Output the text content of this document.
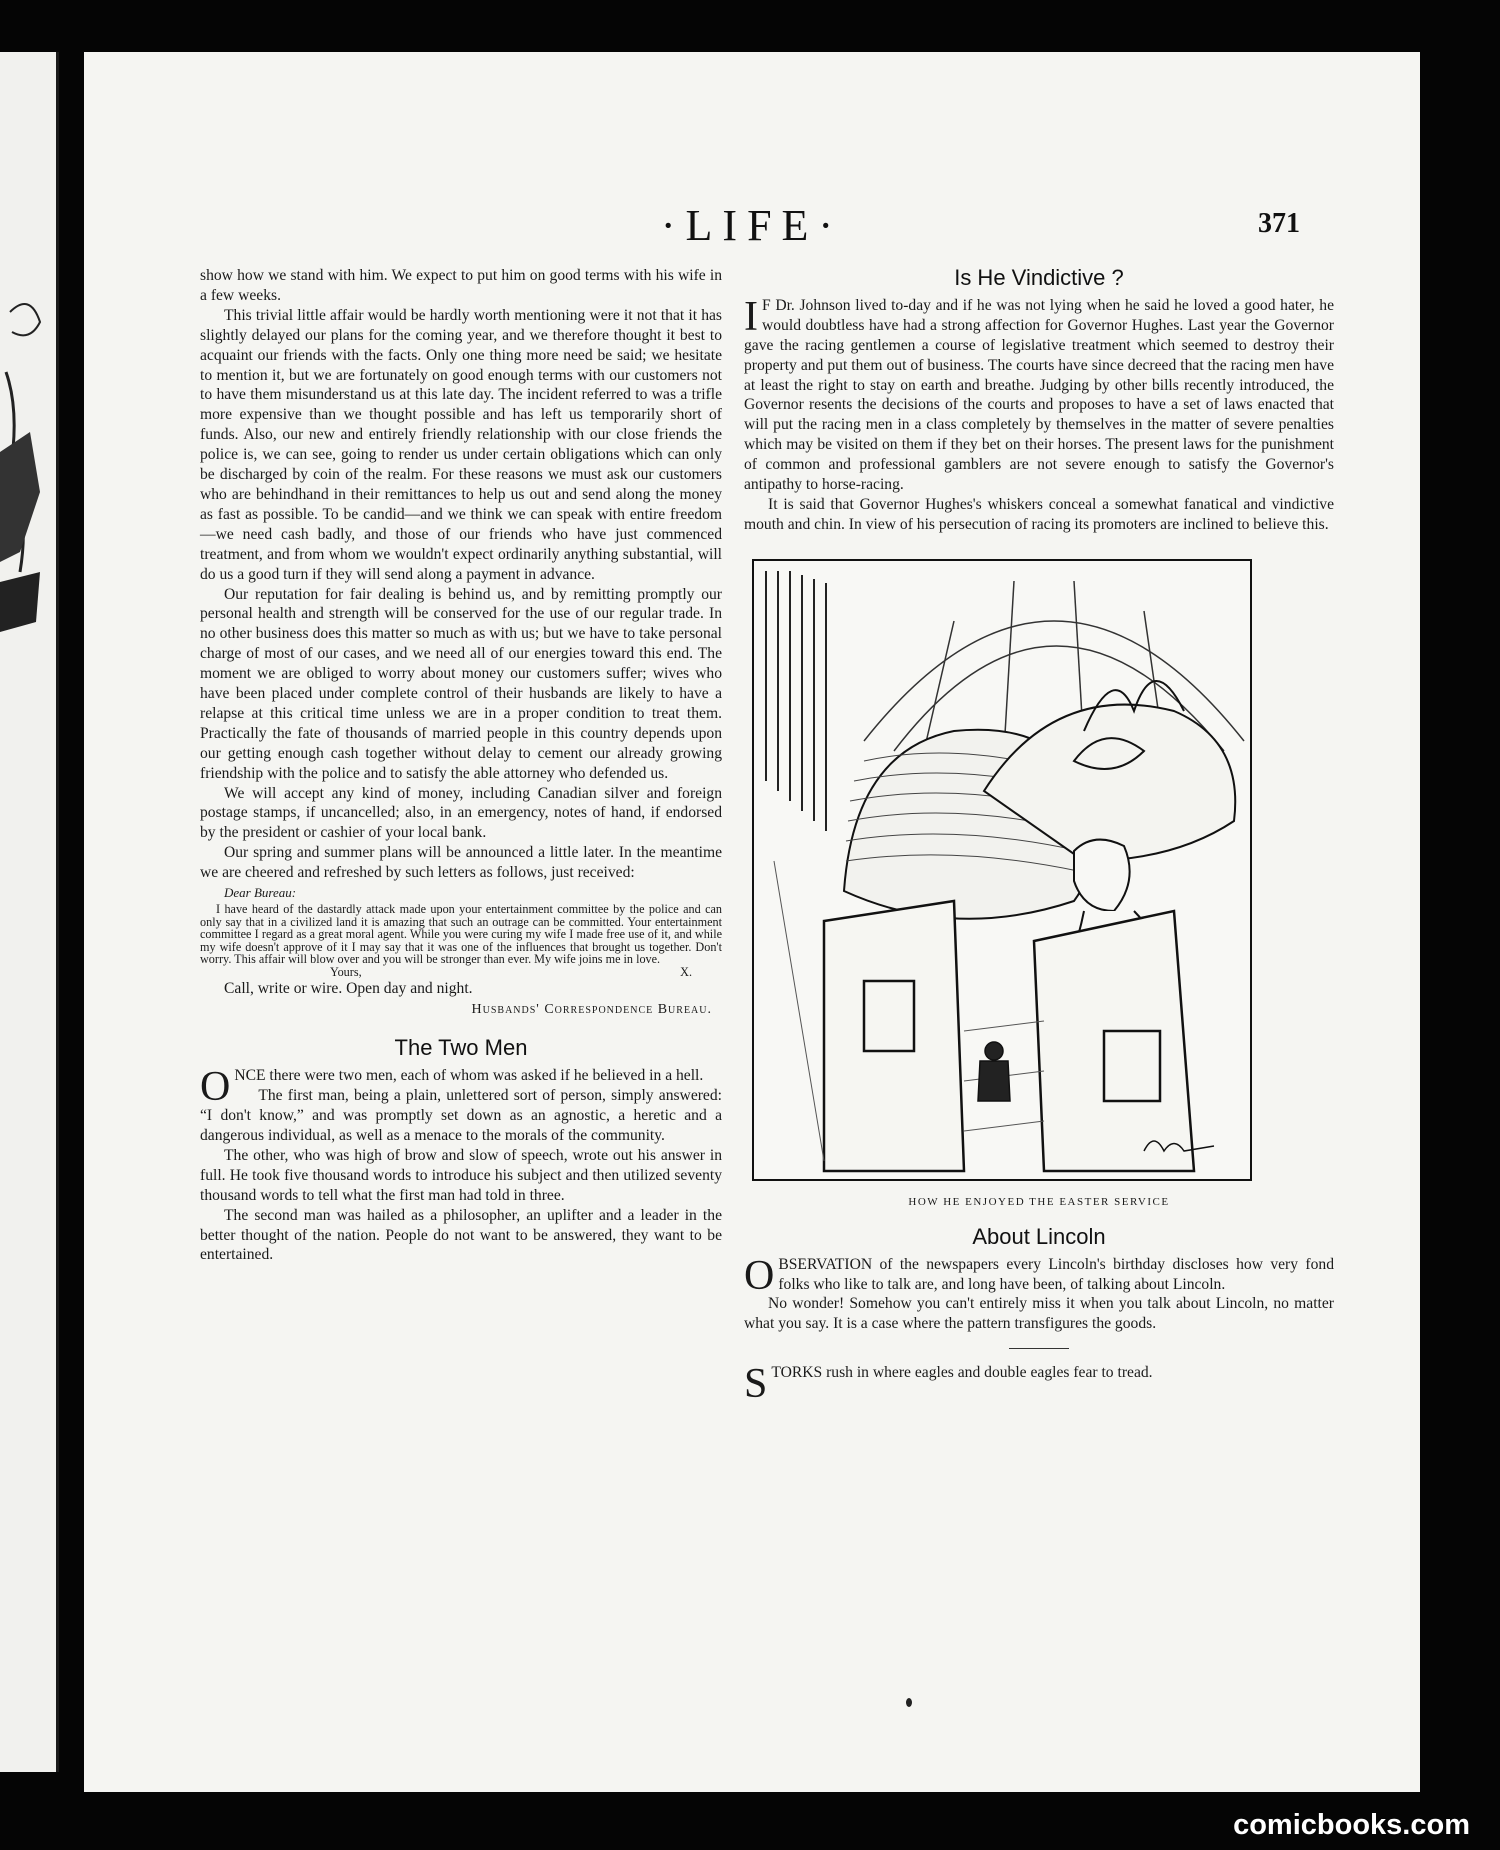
·LIFE·	371

show how we stand with him. We expect to put him on good terms with his wife in a few weeks.

This trivial little affair would be hardly worth mentioning were it not that it has slightly delayed our plans for the coming year, and we therefore thought it best to acquaint our friends with the facts. Only one thing more need be said; we hesitate to mention it, but we are fortunately on good enough terms with our customers not to have them misunderstand us at this late day. The incident referred to was a trifle more expensive than we thought possible and has left us temporarily short of funds. Also, our new and entirely friendly relationship with our close friends the police is, we can see, going to render us under certain obligations which can only be discharged by coin of the realm. For these reasons we must ask our customers who are behindhand in their remittances to help us out and send along the money as fast as possible. To be candid—and we think we can speak with entire freedom—we need cash badly, and those of our friends who have just commenced treatment, and from whom we wouldn't expect ordinarily anything substantial, will do us a good turn if they will send along a payment in advance.

Our reputation for fair dealing is behind us, and by remitting promptly our personal health and strength will be conserved for the use of our regular trade. In no other business does this matter so much as with us; but we have to take personal charge of most of our cases, and we need all of our energies toward this end. The moment we are obliged to worry about money our customers suffer; wives who have been placed under complete control of their husbands are likely to have a relapse at this critical time unless we are in a proper condition to treat them. Practically the fate of thousands of married people in this country depends upon our getting enough cash together without delay to cement our already growing friendship with the police and to satisfy the able attorney who defended us.

We will accept any kind of money, including Canadian silver and foreign postage stamps, if uncancelled; also, in an emergency, notes of hand, if endorsed by the president or cashier of your local bank.

Our spring and summer plans will be announced a little later. In the meantime we are cheered and refreshed by such letters as follows, just received:

Dear Bureau:

I have heard of the dastardly attack made upon your entertainment committee by the police and can only say that in a civilized land it is amazing that such an outrage can be committed. Your entertainment committee I regard as a great moral agent. While you were curing my wife I made free use of it, and while my wife doesn't approve of it I may say that it was one of the influences that brought us together. Don't worry. This affair will blow over and you will be stronger than ever. My wife joins me in love.

Yours,	X.

Call, write or wire. Open day and night.

Husbands' Correspondence Bureau.

The Two Men

ONCE there were two men, each of whom was asked if he believed in a hell.

The first man, being a plain, unlettered sort of person, simply answered: “I don't know,” and was promptly set down as an agnostic, a heretic and a dangerous individual, as well as a menace to the morals of the community.

The other, who was high of brow and slow of speech, wrote out his answer in full. He took five thousand words to introduce his subject and then utilized seventy thousand words to tell what the first man had told in three.

The second man was hailed as a philosopher, an uplifter and a leader in the better thought of the nation. People do not want to be answered, they want to be entertained.

Is He Vindictive ?

I F Dr. Johnson lived to-day and if he was not lying when he said he loved a good hater, he would doubtless have had a strong affection for Governor Hughes. Last year the Governor gave the racing gentlemen a course of legislative treatment which seemed to destroy their property and put them out of business. The courts have since decreed that the racing men have at least the right to stay on earth and breathe. Judging by other bills recently introduced, the Governor resents the decisions of the courts and proposes to have a set of laws enacted that will put the racing men in a class completely by themselves in the matter of severe penalties which may be visited on them if they bet on their horses. The present laws for the punishment of common and professional gamblers are not severe enough to satisfy the Governor's antipathy to horse-racing.

It is said that Governor Hughes's whiskers conceal a somewhat fanatical and vindictive mouth and chin. In view of his persecution of racing its promoters are inclined to believe this.

HOW HE ENJOYED THE EASTER SERVICE

About Lincoln

OBSERVATION of the newspapers every Lincoln's birthday discloses how very fond folks who like to talk are, and long have been, of talking about Lincoln.

No wonder! Somehow you can't entirely miss it when you talk about Lincoln, no matter what you say. It is a case where the pattern transfigures the goods.

STORKS rush in where eagles and double eagles fear to tread.

comicbooks.com
